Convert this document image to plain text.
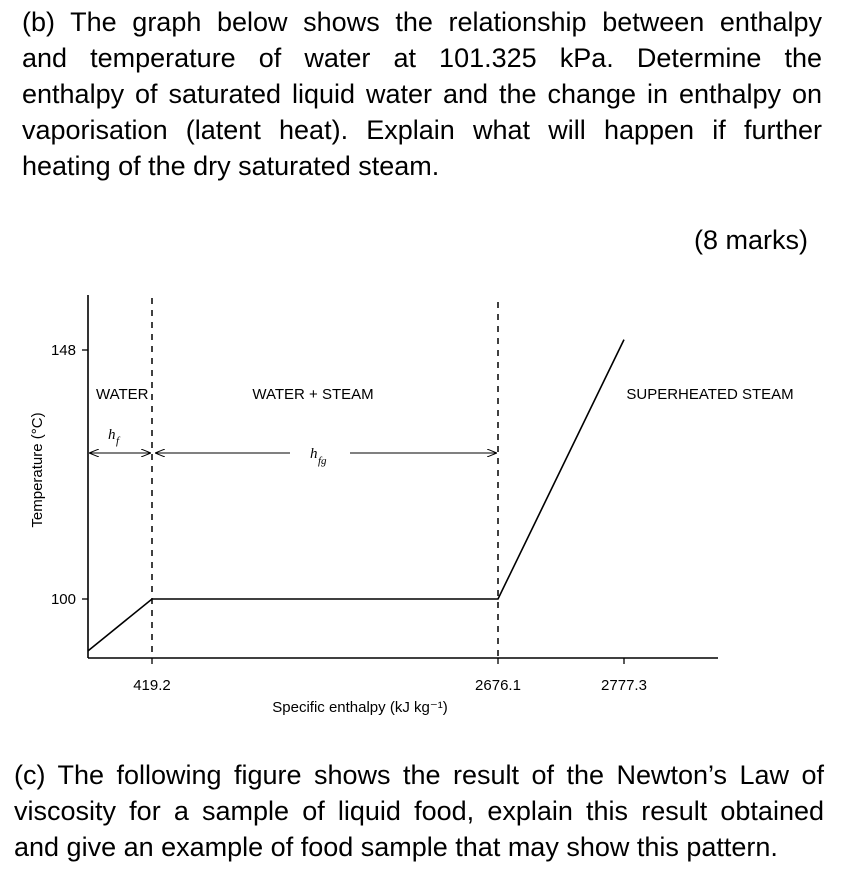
(b) The graph below shows the relationship between enthalpy
and temperature of water at 101.325 kPa. Determine the
enthalpy of saturated liquid water and the change in enthalpy on
vaporisation (latent heat). Explain what will happen if further
heating of the dry saturated steam.
(8 marks)
148
100
419.2	2676.1	2777.3
Specific enthalpy (kJ kg⁻¹)
Temperature (°C)
WATER	WATER + STEAM	SUPERHEATED STEAM
h f
h fg
(c) The following figure shows the result of the Newton’s Law of
viscosity for a sample of liquid food, explain this result obtained
and give an example of food sample that may show this pattern.
